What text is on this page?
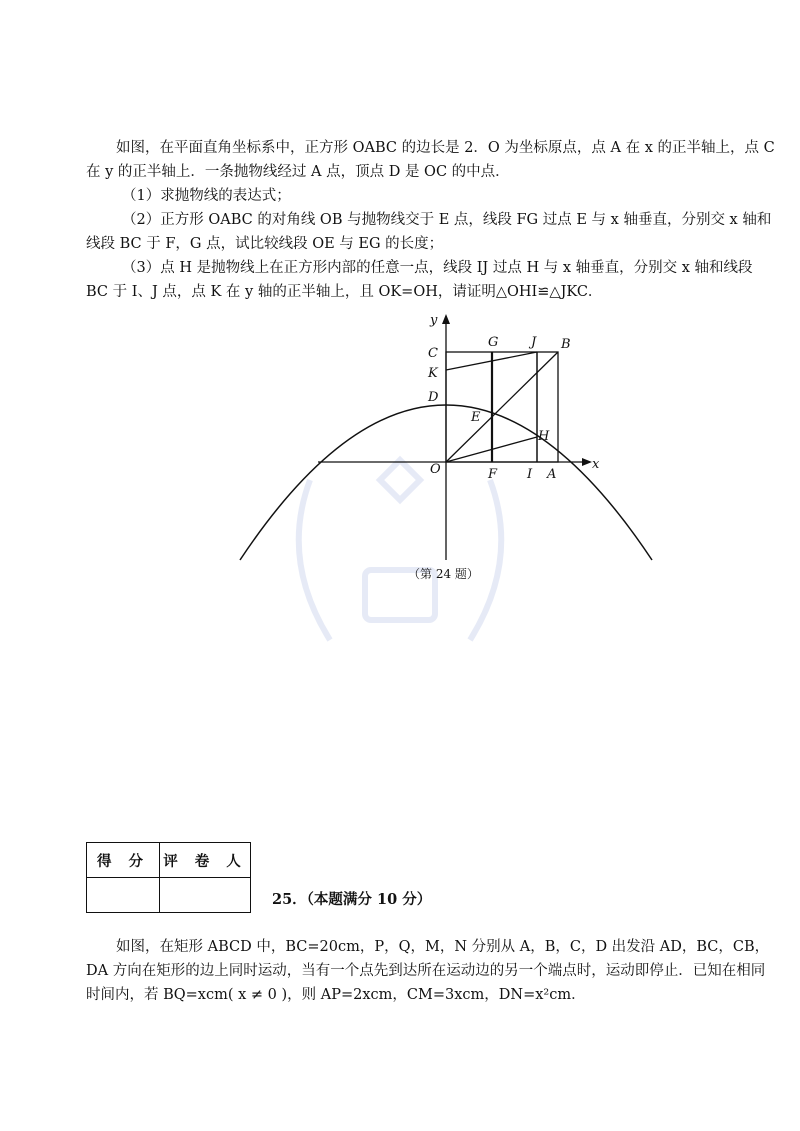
如图，在平面直角坐标系中，正方形 OABC 的边长是 2．O 为坐标原点，点 A 在 x 的正半轴上，点 C 在 y 的正半轴上．一条抛物线经过 A 点，顶点 D 是 OC 的中点．

（1）求抛物线的表达式；

（2）正方形 OABC 的对角线 OB 与抛物线交于 E 点，线段 FG 过点 E 与 x 轴垂直，分别交 x 轴和线段 BC 于 F，G 点，试比较线段 OE 与 EG 的长度；

（3）点 H 是抛物线上在正方形内部的任意一点，线段 IJ 过点 H 与 x 轴垂直，分别交 x 轴和线段 BC 于 I、J 点，点 K 在 y 轴的正半轴上，且 OK=OH，请证明△OHI≌△JKC．

y
x
C
K
D
O
G	J B
E
H
F I A
（第 24 题）
得 分	评 卷 人

25．（本题满分 10 分）

如图，在矩形 ABCD 中，BC=20cm，P，Q，M，N 分别从 A，B，C，D 出发沿 AD，BC，CB，DA 方向在矩形的边上同时运动，当有一个点先到达所在运动边的另一个端点时，运动即停止．已知在相同时间内，若 BQ=xcm( x ≠ 0 )，则 AP=2xcm，CM=3xcm，DN=x²cm．
